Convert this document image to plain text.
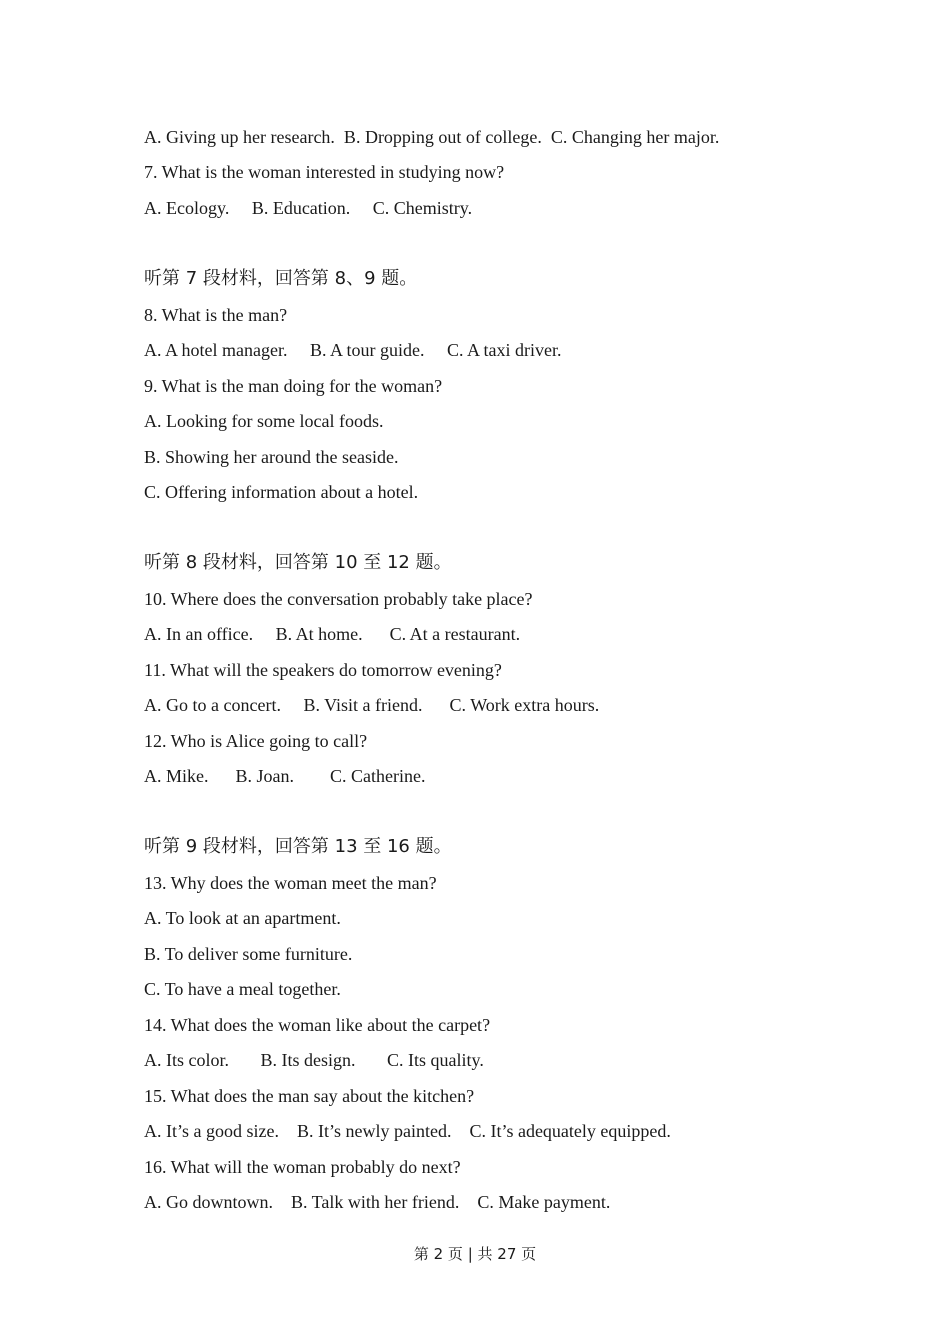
A. Giving up her research.  B. Dropping out of college.  C. Changing her major.
7. What is the woman interested in studying now?
A. Ecology.     B. Education.     C. Chemistry.
听第 7 段材料，回答第 8、9 题。
8. What is the man?
A. A hotel manager.     B. A tour guide.     C. A taxi driver.
9. What is the man doing for the woman?
A. Looking for some local foods.
B. Showing her around the seaside.
C. Offering information about a hotel.
听第 8 段材料，回答第 10 至 12 题。
10. Where does the conversation probably take place?
A. In an office.     B. At home.      C. At a restaurant.
11. What will the speakers do tomorrow evening?
A. Go to a concert.     B. Visit a friend.      C. Work extra hours.
12. Who is Alice going to call?
A. Mike.      B. Joan.        C. Catherine.
听第 9 段材料，回答第 13 至 16 题。
13. Why does the woman meet the man?
A. To look at an apartment.
B. To deliver some furniture.
C. To have a meal together.
14. What does the woman like about the carpet?
A. Its color.       B. Its design.       C. Its quality.
15. What does the man say about the kitchen?
A. It’s a good size.    B. It’s newly painted.    C. It’s adequately equipped.
16. What will the woman probably do next?
A. Go downtown.    B. Talk with her friend.    C. Make payment.
第 2 页 | 共 27 页
